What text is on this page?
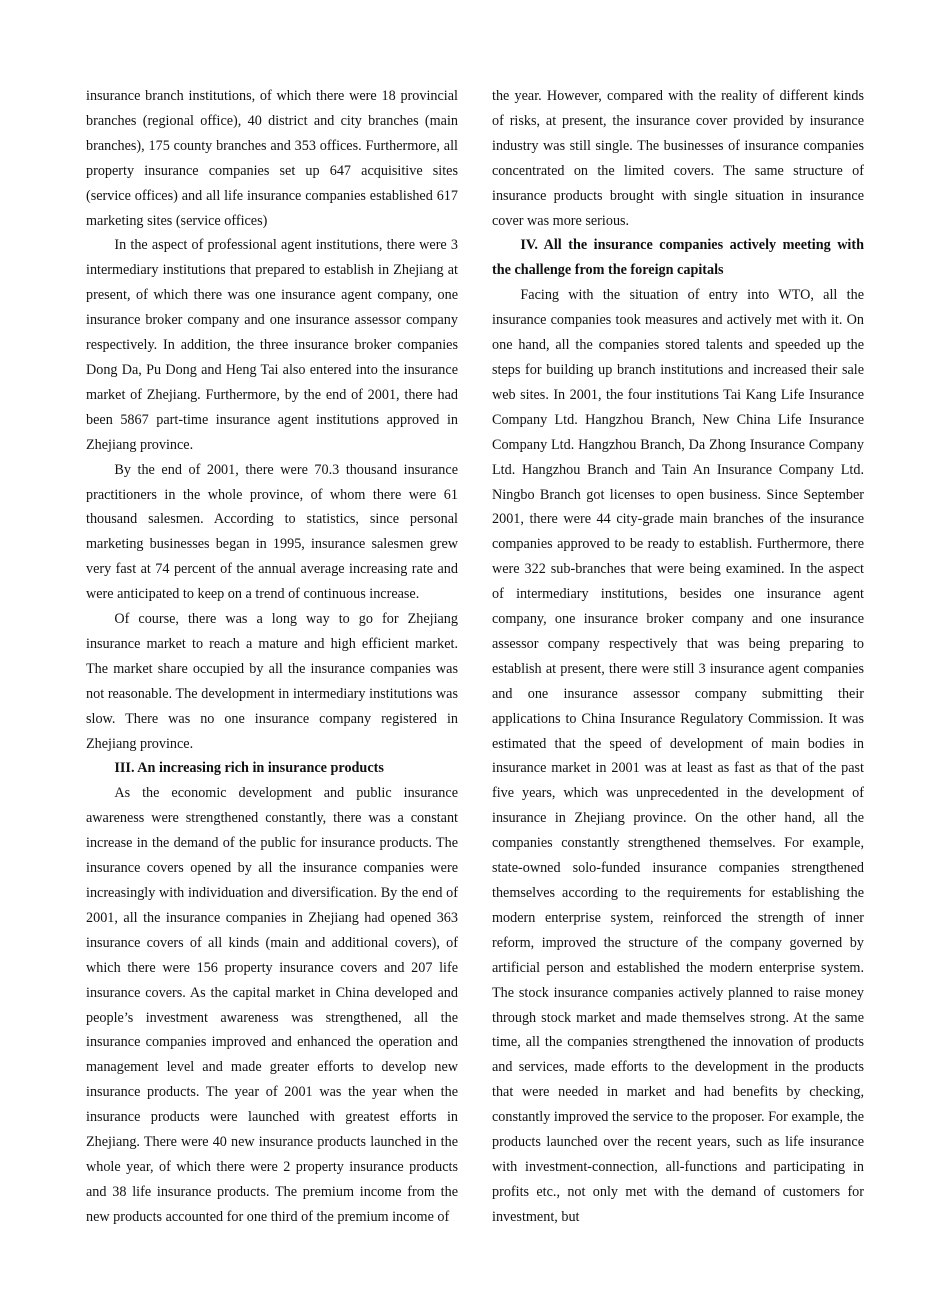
insurance branch institutions, of which there were 18 provincial branches (regional office), 40 district and city branches (main branches), 175 county branches and 353 offices. Furthermore, all property insurance companies set up 647 acquisitive sites (service offices) and all life insurance companies established 617 marketing sites (service offices)

In the aspect of professional agent institutions, there were 3 intermediary institutions that prepared to establish in Zhejiang at present, of which there was one insurance agent company, one insurance broker company and one insurance assessor company respectively. In addition, the three insurance broker companies Dong Da, Pu Dong and Heng Tai also entered into the insurance market of Zhejiang. Furthermore, by the end of 2001, there had been 5867 part-time insurance agent institutions approved in Zhejiang province.

By the end of 2001, there were 70.3 thousand insurance practitioners in the whole province, of whom there were 61 thousand salesmen. According to statistics, since personal marketing businesses began in 1995, insurance salesmen grew very fast at 74 percent of the annual average increasing rate and were anticipated to keep on a trend of continuous increase.

Of course, there was a long way to go for Zhejiang insurance market to reach a mature and high efficient market. The market share occupied by all the insurance companies was not reasonable. The development in intermediary institutions was slow. There was no one insurance company registered in Zhejiang province.

III. An increasing rich in insurance products

As the economic development and public insurance awareness were strengthened constantly, there was a constant increase in the demand of the public for insurance products. The insurance covers opened by all the insurance companies were increasingly with individuation and diversification. By the end of 2001, all the insurance companies in Zhejiang had opened 363 insurance covers of all kinds (main and additional covers), of which there were 156 property insurance covers and 207 life insurance covers. As the capital market in China developed and people’s investment awareness was strengthened, all the insurance companies improved and enhanced the operation and management level and made greater efforts to develop new insurance products. The year of 2001 was the year when the insurance products were launched with greatest efforts in Zhejiang. There were 40 new insurance products launched in the whole year, of which there were 2 property insurance products and 38 life insurance products. The premium income from the new products accounted for one third of the premium income of

the year. However, compared with the reality of different kinds of risks, at present, the insurance cover provided by insurance industry was still single. The businesses of insurance companies concentrated on the limited covers. The same structure of insurance products brought with single situation in insurance cover was more serious.

IV. All the insurance companies actively meeting with the challenge from the foreign capitals

Facing with the situation of entry into WTO, all the insurance companies took measures and actively met with it. On one hand, all the companies stored talents and speeded up the steps for building up branch institutions and increased their sale web sites. In 2001, the four institutions Tai Kang Life Insurance Company Ltd. Hangzhou Branch, New China Life Insurance Company Ltd. Hangzhou Branch, Da Zhong Insurance Company Ltd. Hangzhou Branch and Tain An Insurance Company Ltd. Ningbo Branch got licenses to open business. Since September 2001, there were 44 city-grade main branches of the insurance companies approved to be ready to establish. Furthermore, there were 322 sub-branches that were being examined. In the aspect of intermediary institutions, besides one insurance agent company, one insurance broker company and one insurance assessor company respectively that was being preparing to establish at present, there were still 3 insurance agent companies and one insurance assessor company submitting their applications to China Insurance Regulatory Commission. It was estimated that the speed of development of main bodies in insurance market in 2001 was at least as fast as that of the past five years, which was unprecedented in the development of insurance in Zhejiang province. On the other hand, all the companies constantly strengthened themselves. For example, state-owned solo-funded insurance companies strengthened themselves according to the requirements for establishing the modern enterprise system, reinforced the strength of inner reform, improved the structure of the company governed by artificial person and established the modern enterprise system. The stock insurance companies actively planned to raise money through stock market and made themselves strong. At the same time, all the companies strengthened the innovation of products and services, made efforts to the development in the products that were needed in market and had benefits by checking, constantly improved the service to the proposer. For example, the products launched over the recent years, such as life insurance with investment-connection, all-functions and participating in profits etc., not only met with the demand of customers for investment, but
